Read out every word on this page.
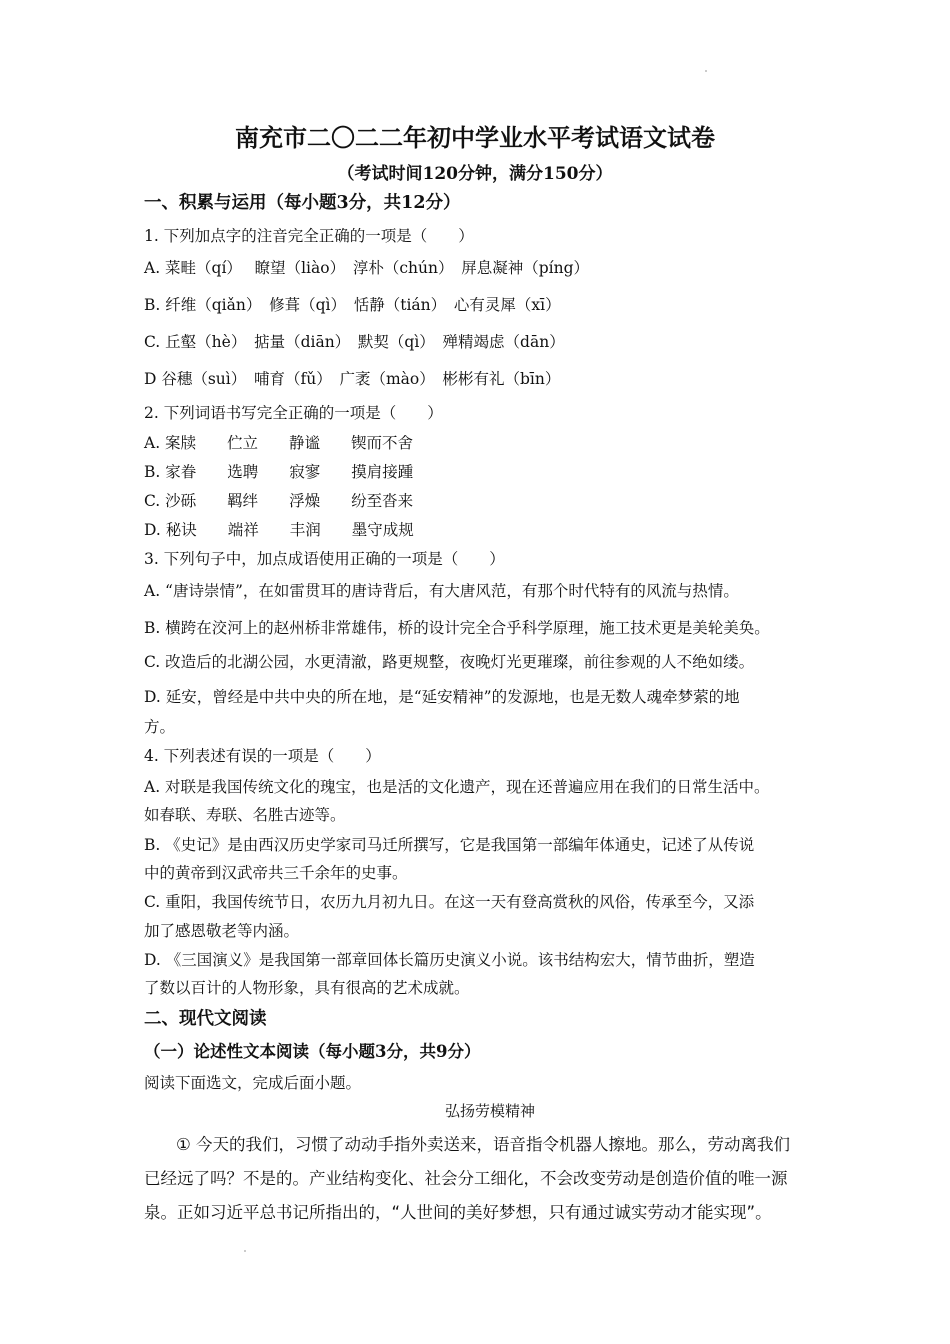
南充市二〇二二年初中学业水平考试语文试卷
（考试时间120分钟，满分150分）
一、积累与运用（每小题3分，共12分）
1. 下列加点字的注音完全正确的一项是（　　）
A. 菜畦（qí）　 瞭望（liào）　淳朴（chún）　屏息凝神（píng）
B. 纤维（qiǎn）　修葺（qì）　恬静（tián）　心有灵犀（xī）
C. 丘壑（hè）　掂量（diān）　默契（qì）　殚精竭虑（dān）
D 谷穗（suì）　哺育（fǔ）　广袤（mào）　彬彬有礼（bīn）
2. 下列词语书写完全正确的一项是（　　）
A. 案牍　　伫立　　静谧　　锲而不舍
B. 家眷　　选聘　　寂寥　　摸肩接踵
C. 沙砾　　羁绊　　浮燥　　纷至沓来
D. 秘诀　　端祥　　丰润　　墨守成规
3. 下列句子中，加点成语使用正确的一项是（　　）
A. “唐诗崇情”，在如雷贯耳的唐诗背后，有大唐风范，有那个时代特有的风流与热情。
B. 横跨在洨河上的赵州桥非常雄伟，桥的设计完全合乎科学原理，施工技术更是美轮美奂。
C. 改造后的北湖公园，水更清澈，路更规整，夜晚灯光更璀璨，前往参观的人不绝如缕。
D. 延安，曾经是中共中央的所在地，是“延安精神”的发源地，也是无数人魂牵梦萦的地
方。
4. 下列表述有误的一项是（　　）
A. 对联是我国传统文化的瑰宝，也是活的文化遗产，现在还普遍应用在我们的日常生活中。
如春联、寿联、名胜古迹等。
B. 《史记》是由西汉历史学家司马迁所撰写，它是我国第一部编年体通史，记述了从传说
中的黄帝到汉武帝共三千余年的史事。
C. 重阳，我国传统节日，农历九月初九日。在这一天有登高赏秋的风俗，传承至今，又添
加了感恩敬老等内涵。
D. 《三国演义》是我国第一部章回体长篇历史演义小说。该书结构宏大，情节曲折，塑造
了数以百计的人物形象，具有很高的艺术成就。
二、现代文阅读
（一）论述性文本阅读（每小题3分，共9分）
阅读下面选文，完成后面小题。
弘扬劳模精神
① 今天的我们，习惯了动动手指外卖送来，语音指令机器人擦地。那么，劳动离我们
已经远了吗？不是的。产业结构变化、社会分工细化，不会改变劳动是创造价值的唯一源
泉。正如习近平总书记所指出的，“人世间的美好梦想，只有通过诚实劳动才能实现”。
